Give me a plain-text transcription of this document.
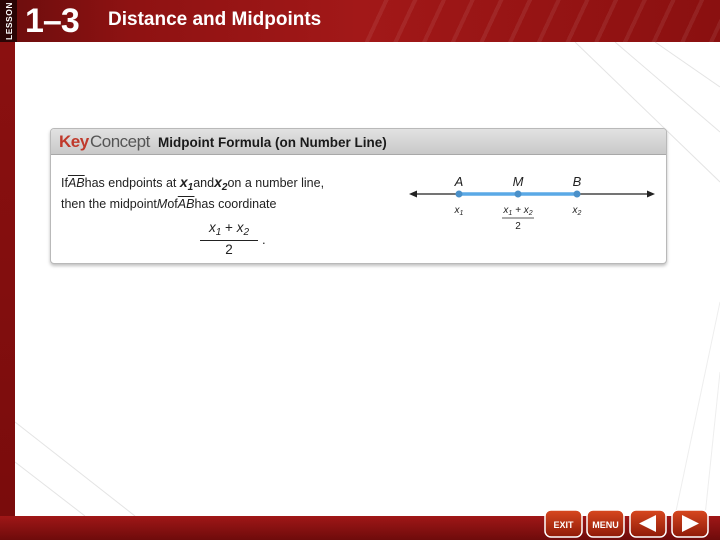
LESSON 1–3 Distance and Midpoints
Key Concept Midpoint Formula (on Number Line)
$If\overline{AB}has$ endpoints at $x_1andx_2on$ a number line,
then the $midpointMof\overline{AB}has$ coordinate
$x_1 + x_2$
2
.
A	M	B
$x_1$	$x_1 + x_2$
2
$x_2$
EXIT MENU
